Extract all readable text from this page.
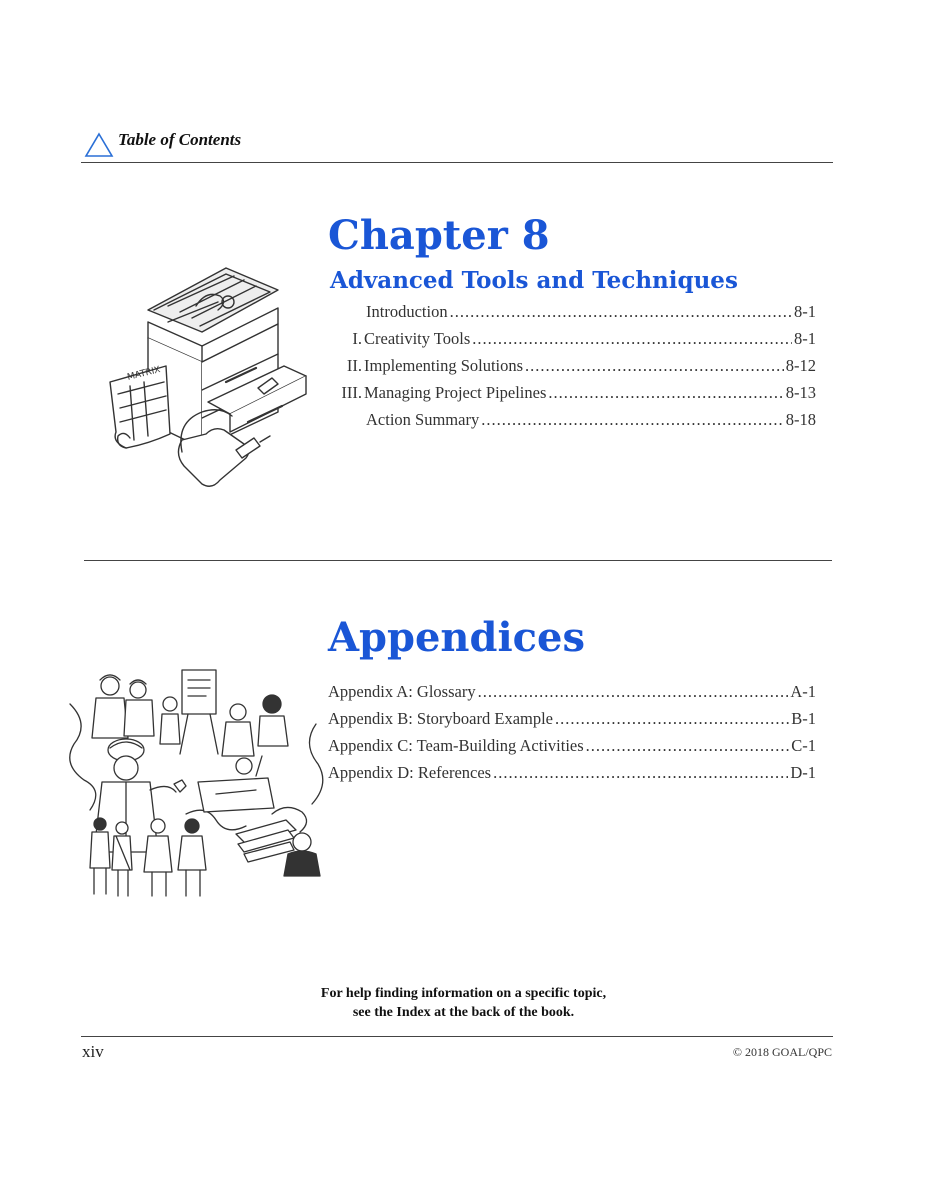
Table of Contents
Chapter 8
Advanced Tools and Techniques
MATRIX
Introduction .....	8-1
I. Creativity Tools .....	8-1
II. Implementing Solutions .....	8-12
III. Managing Project Pipelines .....	8-13
Action Summary .....	8-18
Appendices
Appendix A: Glossary .....	A-1
Appendix B: Storyboard Example .....	B-1
Appendix C: Team-Building Activities .....	C-1
Appendix D: References .....	D-1
For help finding information on a specific topic,
see the Index at the back of the book.
xiv	© 2018 GOAL/QPC
